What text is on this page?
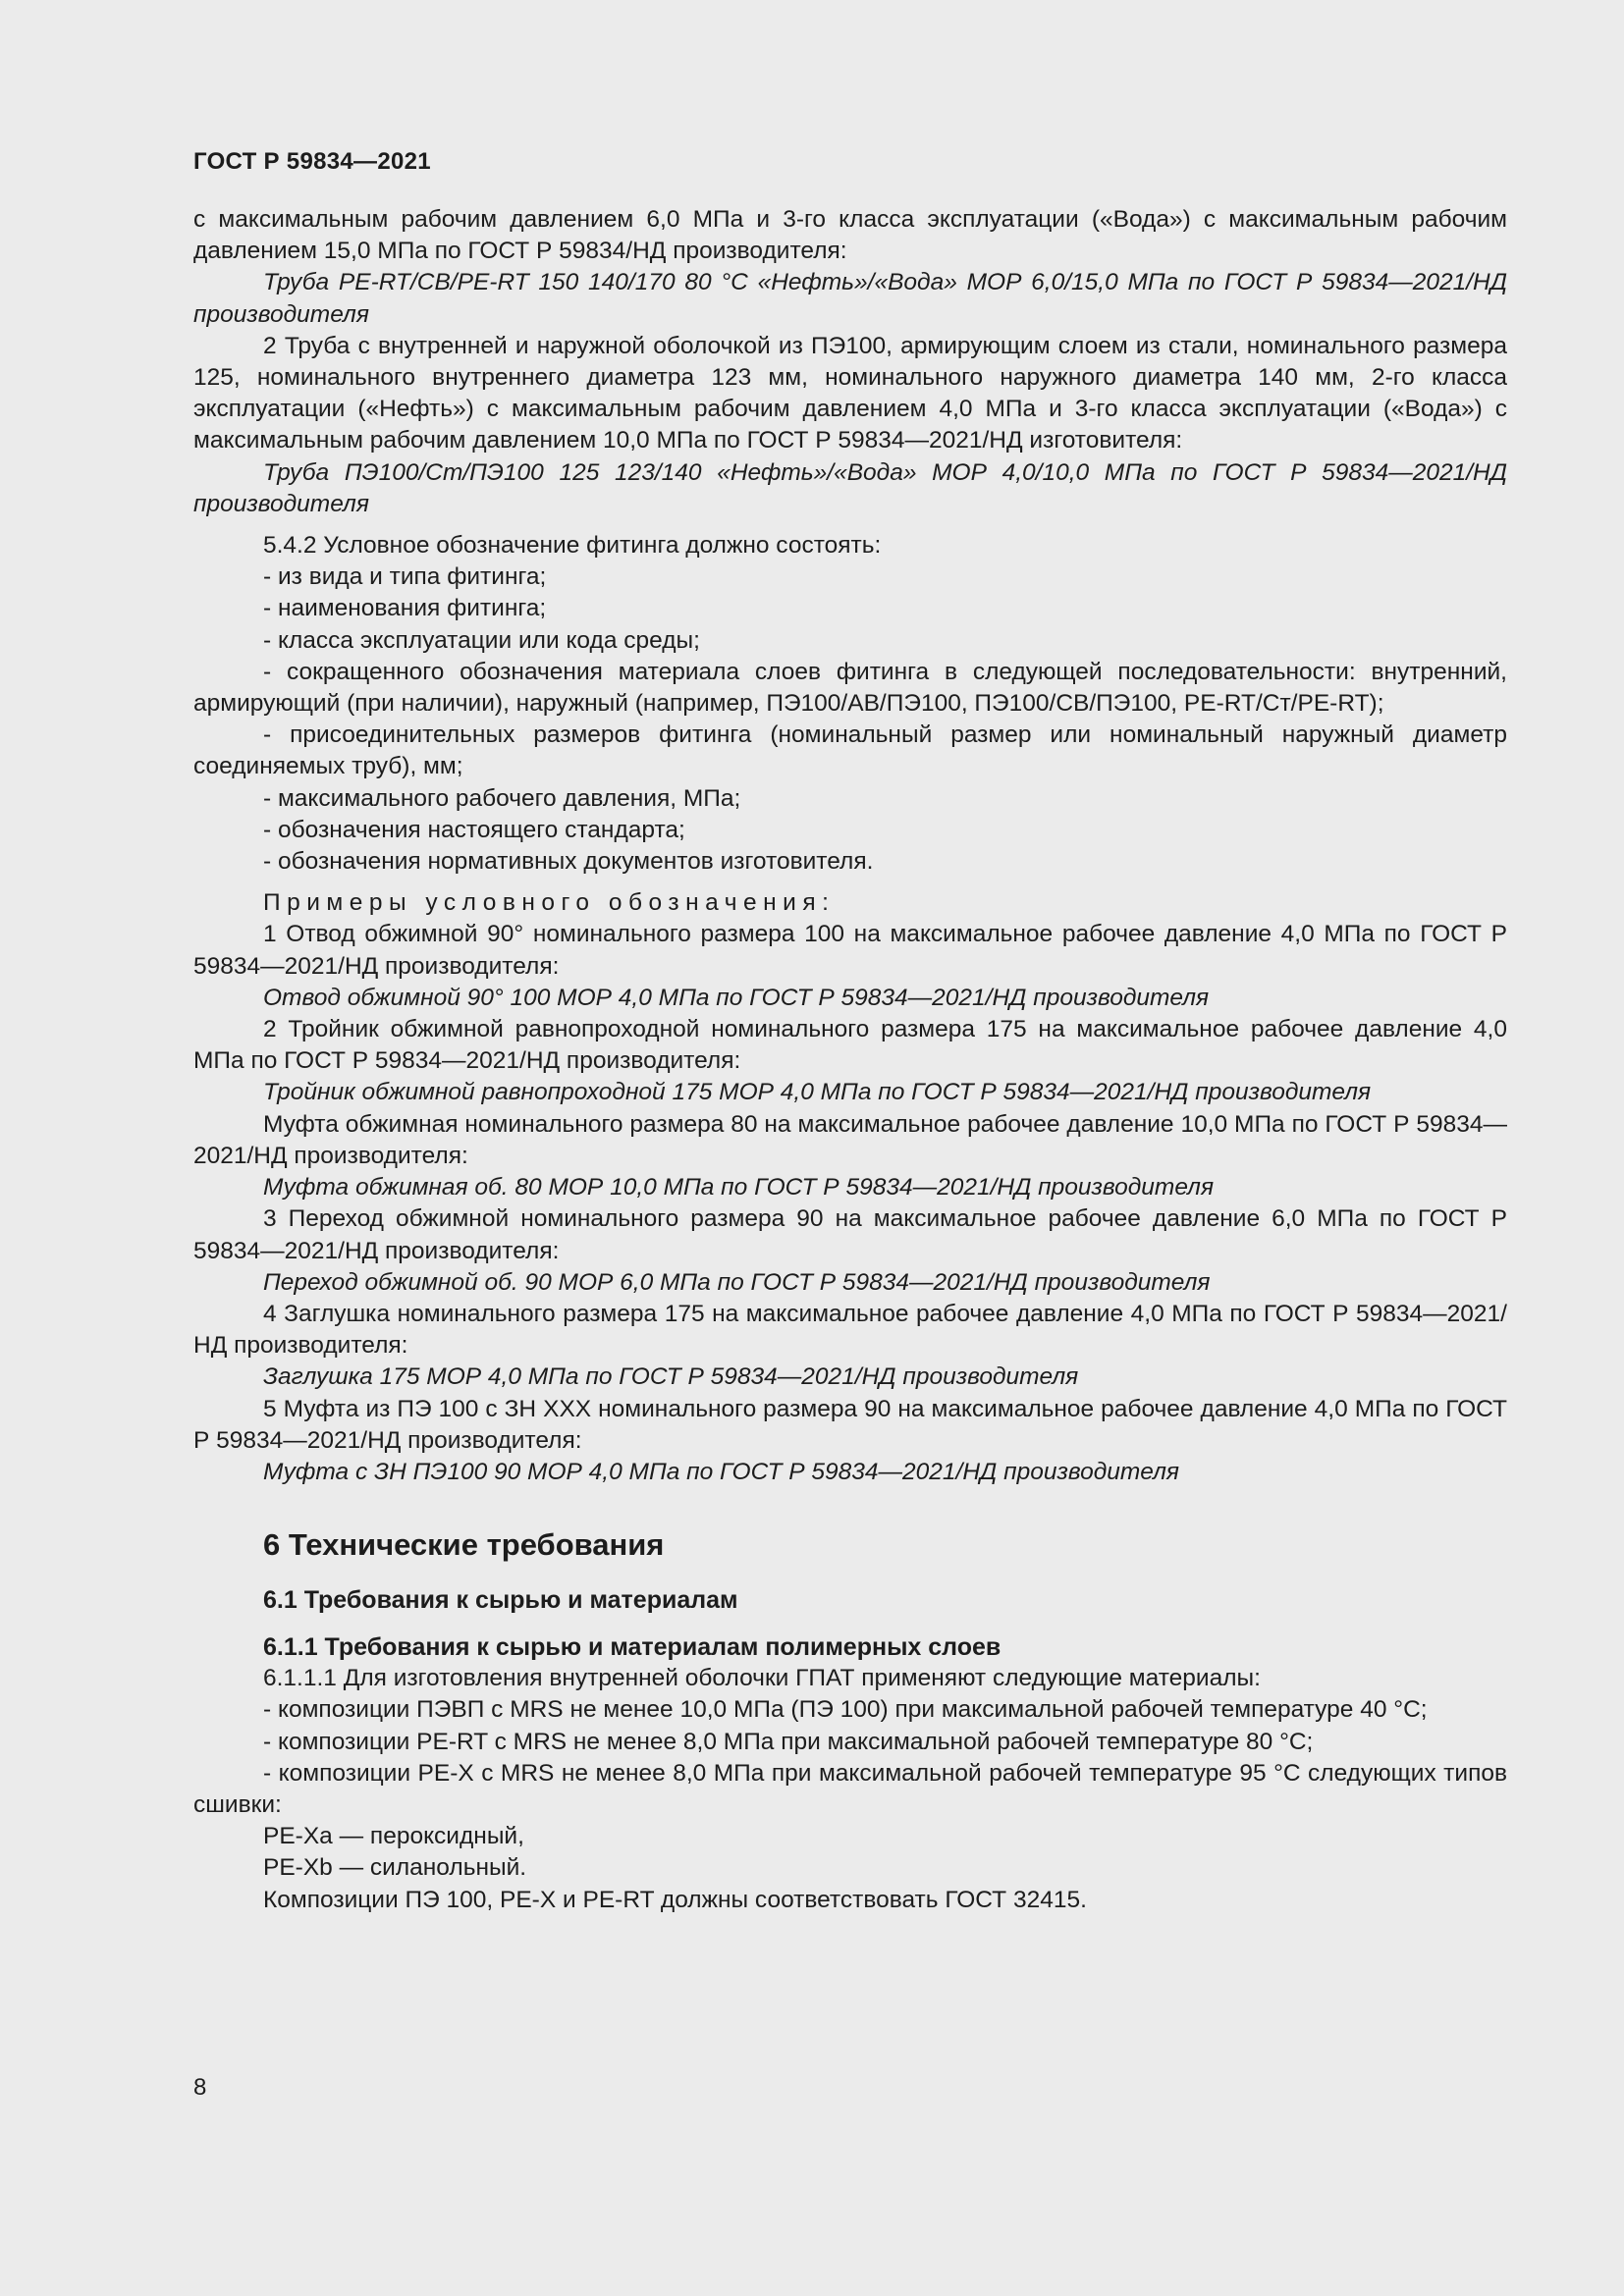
ГОСТ Р 59834—2021

с максимальным рабочим давлением 6,0 МПа и 3-го класса эксплуатации («Вода») с максимальным рабочим давлением 15,0 МПа по ГОСТ Р 59834/НД производителя:

Труба PE-RT/CB/PE-RT 150 140/170 80 °C «Нефть»/«Вода» МОР 6,0/15,0 МПа по ГОСТ Р 59834—2021/НД производителя

2 Труба с внутренней и наружной оболочкой из ПЭ100, армирующим слоем из стали, номинального размера 125, номинального внутреннего диаметра 123 мм, номинального наружного диаметра 140 мм, 2-го класса эксплуатации («Нефть») с максимальным рабочим давлением 4,0 МПа и 3-го класса эксплуатации («Вода») с максимальным рабочим давлением 10,0 МПа по ГОСТ Р 59834—2021/НД изготовителя:

Труба ПЭ100/Ст/ПЭ100 125 123/140 «Нефть»/«Вода» МОР 4,0/10,0 МПа по ГОСТ Р 59834—2021/НД производителя

5.4.2 Условное обозначение фитинга должно состоять:

- из вида и типа фитинга;

- наименования фитинга;

- класса эксплуатации или кода среды;

- сокращенного обозначения материала слоев фитинга в следующей последовательности: внутренний, армирующий (при наличии), наружный (например, ПЭ100/АВ/ПЭ100, ПЭ100/СВ/ПЭ100, PE-RT/Ст/PE-RT);

- присоединительных размеров фитинга (номинальный размер или номинальный наружный диаметр соединяемых труб), мм;

- максимального рабочего давления, МПа;

- обозначения настоящего стандарта;

- обозначения нормативных документов изготовителя.

Примеры условного обозначения:

1 Отвод обжимной 90° номинального размера 100 на максимальное рабочее давление 4,0 МПа по ГОСТ Р 59834—2021/НД производителя:

Отвод обжимной 90° 100 МОР 4,0 МПа по ГОСТ Р 59834—2021/НД производителя

2 Тройник обжимной равнопроходной номинального размера 175 на максимальное рабочее давление 4,0 МПа по ГОСТ Р 59834—2021/НД производителя:

Тройник обжимной равнопроходной 175 МОР 4,0 МПа по ГОСТ Р 59834—2021/НД производителя

Муфта обжимная номинального размера 80 на максимальное рабочее давление 10,0 МПа по ГОСТ Р 59834—2021/НД производителя:

Муфта обжимная об. 80 МОР 10,0 МПа по ГОСТ Р 59834—2021/НД производителя

3 Переход обжимной номинального размера 90 на максимальное рабочее давление 6,0 МПа по ГОСТ Р 59834—2021/НД производителя:

Переход обжимной об. 90 МОР 6,0 МПа по ГОСТ Р 59834—2021/НД производителя

4 Заглушка номинального размера 175 на максимальное рабочее давление 4,0 МПа по ГОСТ Р 59834—2021/НД производителя:

Заглушка 175 МОР 4,0 МПа по ГОСТ Р 59834—2021/НД производителя

5 Муфта из ПЭ 100 с ЗН XXX номинального размера 90 на максимальное рабочее давление 4,0 МПа по ГОСТ Р 59834—2021/НД производителя:

Муфта с ЗН ПЭ100 90 МОР 4,0 МПа по ГОСТ Р 59834—2021/НД производителя

6 Технические требования
6.1 Требования к сырью и материалам
6.1.1 Требования к сырью и материалам полимерных слоев

6.1.1.1 Для изготовления внутренней оболочки ГПАТ применяют следующие материалы:

- композиции ПЭВП с MRS не менее 10,0 МПа (ПЭ 100) при максимальной рабочей температуре 40 °C;

- композиции PE-RT с MRS не менее 8,0 МПа при максимальной рабочей температуре 80 °C;

- композиции PE-X с MRS не менее 8,0 МПа при максимальной рабочей температуре 95 °C следующих типов сшивки:

PE-Xa — пероксидный,

PE-Xb — силанольный.

Композиции ПЭ 100, PE-X и PE-RT должны соответствовать ГОСТ 32415.

8
